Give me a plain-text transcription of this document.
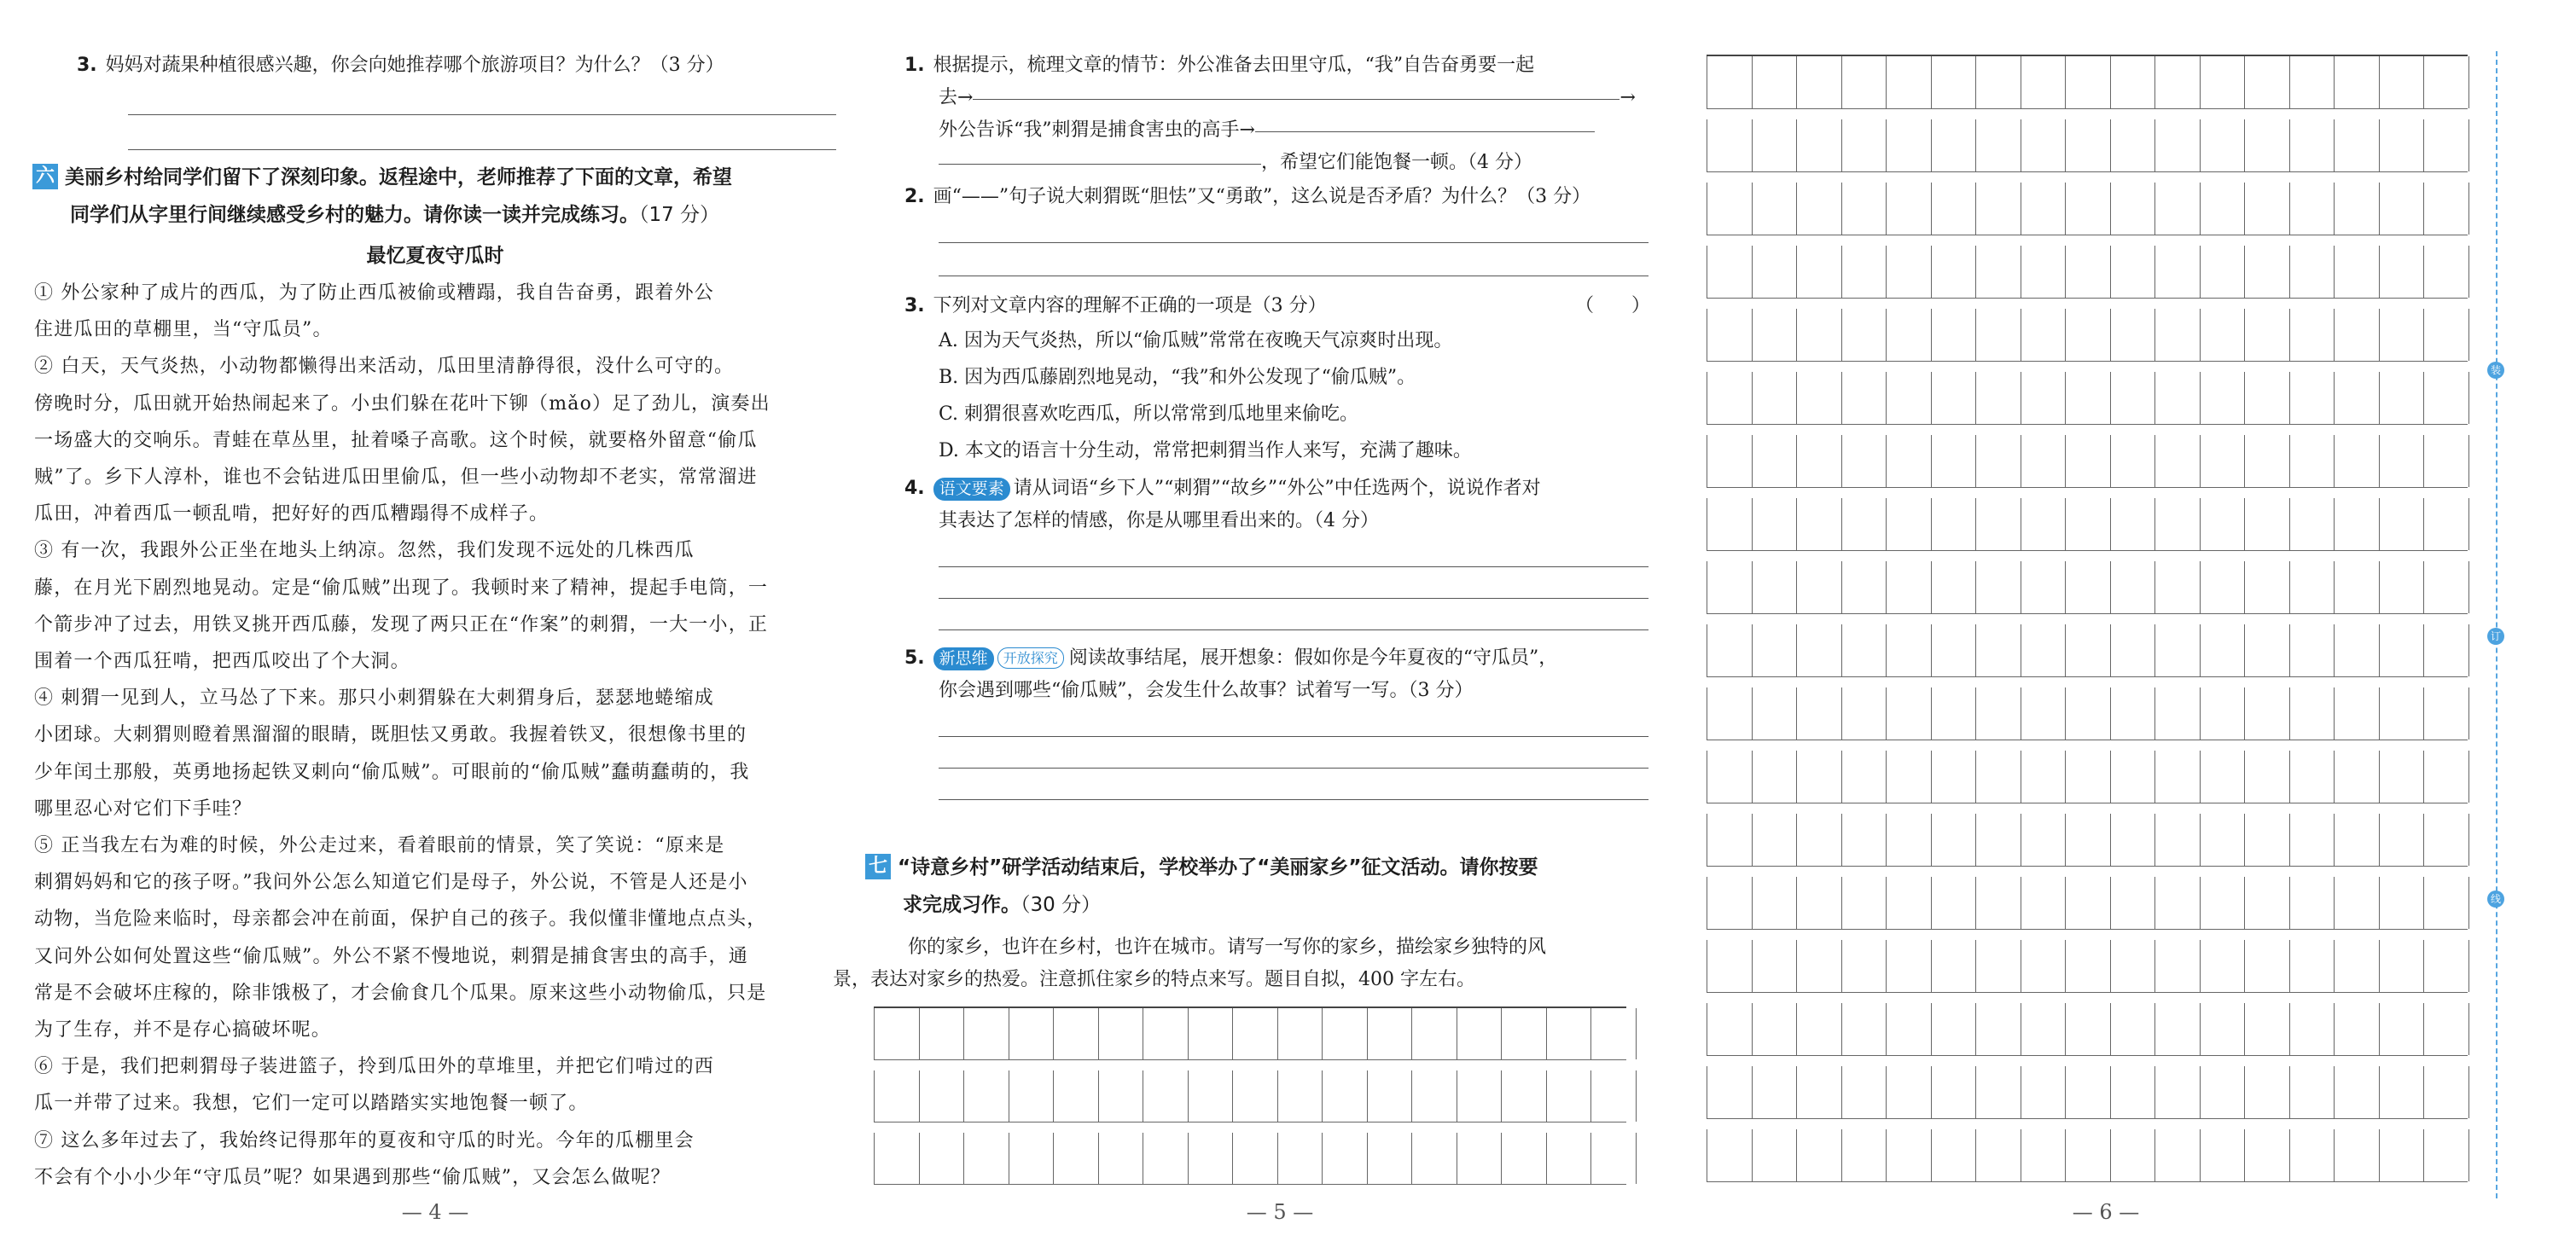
3. 妈妈对蔬果种植很感兴趣，你会向她推荐哪个旅游项目？为什么？（3 分）

六 美丽乡村给同学们留下了深刻印象。返程途中，老师推荐了下面的文章，希望

同学们从字里行间继续感受乡村的魅力。请你读一读并完成练习。（17 分）

最忆夏夜守瓜时

① 外公家种了成片的西瓜，为了防止西瓜被偷或糟蹋，我自告奋勇，跟着外公

住进瓜田的草棚里，当“守瓜员”。

② 白天，天气炎热，小动物都懒得出来活动，瓜田里清静得很，没什么可守的。

傍晚时分，瓜田就开始热闹起来了。小虫们躲在花叶下铆（mǎo）足了劲儿，演奏出

一场盛大的交响乐。青蛙在草丛里，扯着嗓子高歌。这个时候，就要格外留意“偷瓜

贼”了。乡下人淳朴，谁也不会钻进瓜田里偷瓜，但一些小动物却不老实，常常溜进

瓜田，冲着西瓜一顿乱啃，把好好的西瓜糟蹋得不成样子。

③ 有一次，我跟外公正坐在地头上纳凉。忽然，我们发现不远处的几株西瓜

藤，在月光下剧烈地晃动。定是“偷瓜贼”出现了。我顿时来了精神，提起手电筒，一

个箭步冲了过去，用铁叉挑开西瓜藤，发现了两只正在“作案”的刺猬，一大一小，正

围着一个西瓜狂啃，把西瓜咬出了个大洞。

④ 刺猬一见到人，立马怂了下来。那只小刺猬躲在大刺猬身后，瑟瑟地蜷缩成

小团球。大刺猬则瞪着黑溜溜的眼睛，既胆怯又勇敢。我握着铁叉，很想像书里的

少年闰土那般，英勇地扬起铁叉刺向“偷瓜贼”。可眼前的“偷瓜贼”蠢萌蠢萌的，我

哪里忍心对它们下手哇？

⑤ 正当我左右为难的时候，外公走过来，看着眼前的情景，笑了笑说：“原来是

刺猬妈妈和它的孩子呀。”我问外公怎么知道它们是母子，外公说，不管是人还是小

动物，当危险来临时，母亲都会冲在前面，保护自己的孩子。我似懂非懂地点点头，

又问外公如何处置这些“偷瓜贼”。外公不紧不慢地说，刺猬是捕食害虫的高手，通

常是不会破坏庄稼的，除非饿极了，才会偷食几个瓜果。原来这些小动物偷瓜，只是

为了生存，并不是存心搞破坏呢。

⑥ 于是，我们把刺猬母子装进篮子，拎到瓜田外的草堆里，并把它们啃过的西

瓜一并带了过来。我想，它们一定可以踏踏实实地饱餐一顿了。

⑦ 这么多年过去了，我始终记得那年的夏夜和守瓜的时光。今年的瓜棚里会

不会有个小小少年“守瓜员”呢？如果遇到那些“偷瓜贼”，又会怎么做呢？

— 4 —

1. 根据提示，梳理文章的情节：外公准备去田里守瓜，“我”自告奋勇要一起

去→	→

外公告诉“我”刺猬是捕食害虫的高手→

，希望它们能饱餐一顿。（4 分）

2. 画“——”句子说大刺猬既“胆怯”又“勇敢”，这么说是否矛盾？为什么？（3 分）

3. 下列对文章内容的理解不正确的一项是（3 分）	（　　）

A. 因为天气炎热，所以“偷瓜贼”常常在夜晚天气凉爽时出现。

B. 因为西瓜藤剧烈地晃动，“我”和外公发现了“偷瓜贼”。

C. 刺猬很喜欢吃西瓜，所以常常到瓜地里来偷吃。

D. 本文的语言十分生动，常常把刺猬当作人来写，充满了趣味。

4. 语文要素 请从词语“乡下人”“刺猬”“故乡”“外公”中任选两个，说说作者对

其表达了怎样的情感，你是从哪里看出来的。（4 分）

5. 新思维 开放探究 阅读故事结尾，展开想象：假如你是今年夏夜的“守瓜员”，

你会遇到哪些“偷瓜贼”，会发生什么故事？试着写一写。（3 分）

七 “诗意乡村”研学活动结束后，学校举办了“美丽家乡”征文活动。请你按要

求完成习作。（30 分）

你的家乡，也许在乡村，也许在城市。请写一写你的家乡，描绘家乡独特的风
景，表达对家乡的热爱。注意抓住家乡的特点来写。题目自拟，400 字左右。

— 5 —	— 6 —
装
订
线
